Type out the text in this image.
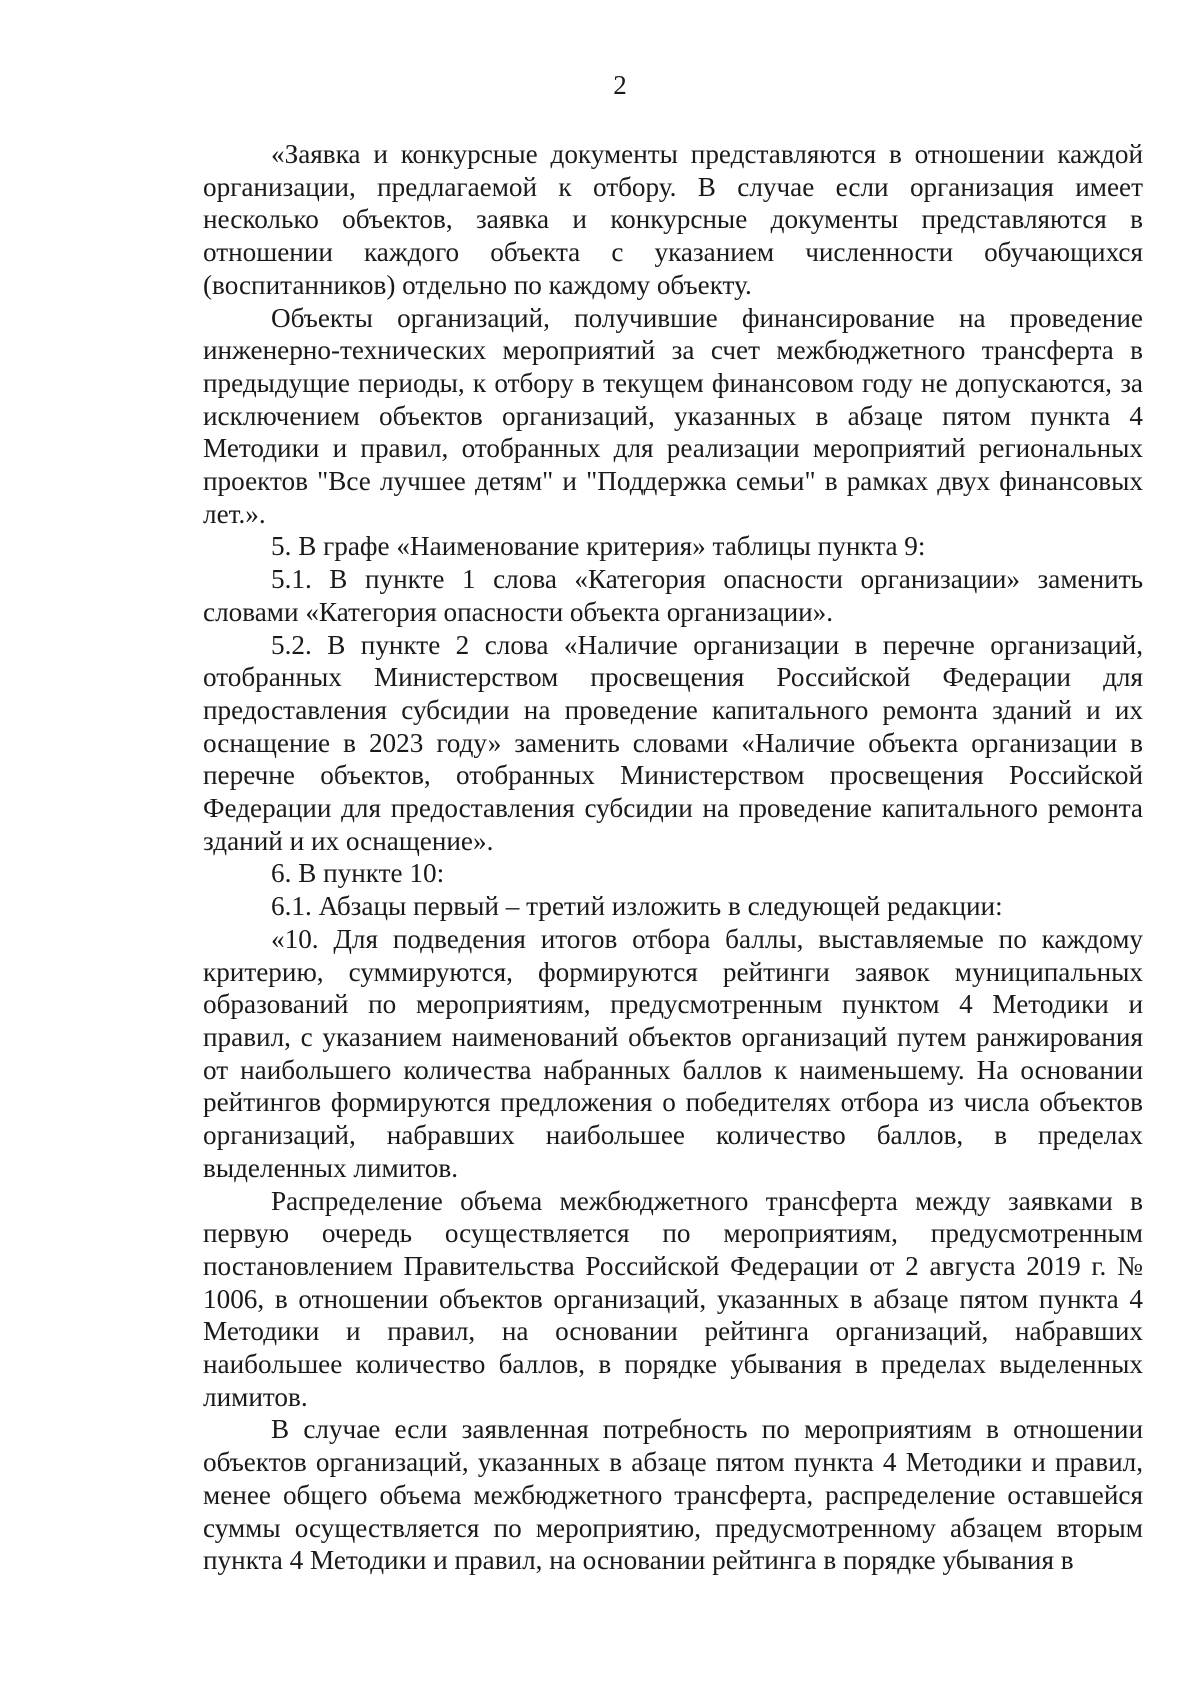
2

«Заявка и конкурсные документы представляются в отношении каждой организации, предлагаемой к отбору. В случае если организация имеет несколько объектов, заявка и конкурсные документы представляются в отношении каждого объекта с указанием численности обучающихся (воспитанников) отдельно по каждому объекту.

Объекты организаций, получившие финансирование на проведение инженерно-технических мероприятий за счет межбюджетного трансферта в предыдущие периоды, к отбору в текущем финансовом году не допускаются, за исключением объектов организаций, указанных в абзаце пятом пункта 4 Методики и правил, отобранных для реализации мероприятий региональных проектов "Все лучшее детям" и "Поддержка семьи" в рамках двух финансовых лет.».

5. В графе «Наименование критерия» таблицы пункта 9:

5.1. В пункте 1 слова «Категория опасности организации» заменить словами «Категория опасности объекта организации».

5.2. В пункте 2 слова «Наличие организации в перечне организаций, отобранных Министерством просвещения Российской Федерации для предоставления субсидии на проведение капитального ремонта зданий и их оснащение в 2023 году» заменить словами «Наличие объекта организации в перечне объектов, отобранных Министерством просвещения Российской Федерации для предоставления субсидии на проведение капитального ремонта зданий и их оснащение».

6. В пункте 10:

6.1. Абзацы первый – третий изложить в следующей редакции:

«10. Для подведения итогов отбора баллы, выставляемые по каждому критерию, суммируются, формируются рейтинги заявок муниципальных образований по мероприятиям, предусмотренным пунктом 4 Методики и правил, с указанием наименований объектов организаций путем ранжирования от наибольшего количества набранных баллов к наименьшему. На основании рейтингов формируются предложения о победителях отбора из числа объектов организаций, набравших наибольшее количество баллов, в пределах выделенных лимитов.

Распределение объема межбюджетного трансферта между заявками в первую очередь осуществляется по мероприятиям, предусмотренным постановлением Правительства Российской Федерации от 2 августа 2019 г. № 1006, в отношении объектов организаций, указанных в абзаце пятом пункта 4 Методики и правил, на основании рейтинга организаций, набравших наибольшее количество баллов, в порядке убывания в пределах выделенных лимитов.

В случае если заявленная потребность по мероприятиям в отношении объектов организаций, указанных в абзаце пятом пункта 4 Методики и правил, менее общего объема межбюджетного трансферта, распределение оставшейся суммы осуществляется по мероприятию, предусмотренному абзацем вторым пункта 4 Методики и правил, на основании рейтинга в порядке убывания в
